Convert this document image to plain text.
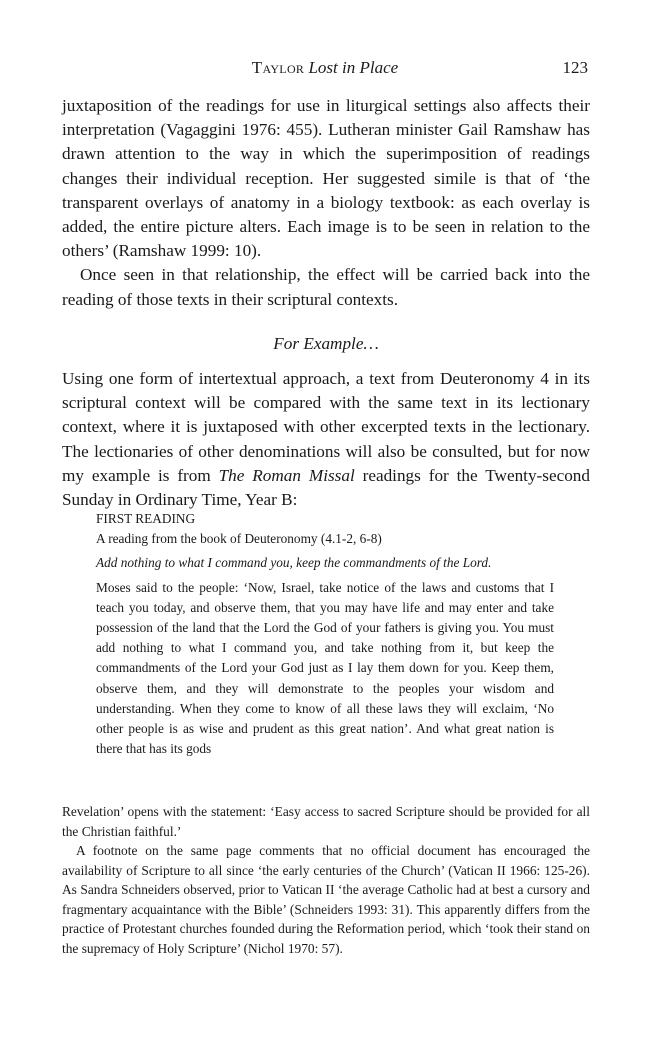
Taylor Lost in Place	123

juxtaposition of the readings for use in liturgical settings also affects their interpretation (Vagaggini 1976: 455). Lutheran minister Gail Ramshaw has drawn attention to the way in which the superimposition of readings changes their individual reception. Her suggested simile is that of ‘the transparent overlays of anatomy in a biology textbook: as each overlay is added, the entire picture alters. Each image is to be seen in relation to the others’ (Ramshaw 1999: 10).

Once seen in that relationship, the effect will be carried back into the reading of those texts in their scriptural contexts.

For Example…

Using one form of intertextual approach, a text from Deuteronomy 4 in its scriptural context will be compared with the same text in its lectionary context, where it is juxtaposed with other excerpted texts in the lectionary. The lectionaries of other denominations will also be consulted, but for now my example is from The Roman Missal readings for the Twenty-second Sunday in Ordinary Time, Year B:

FIRST READING

A reading from the book of Deuteronomy (4.1-2, 6-8)

Add nothing to what I command you, keep the commandments of the Lord.

Moses said to the people: ‘Now, Israel, take notice of the laws and customs that I teach you today, and observe them, that you may have life and may enter and take possession of the land that the Lord the God of your fathers is giving you. You must add nothing to what I command you, and take nothing from it, but keep the commandments of the Lord your God just as I lay them down for you. Keep them, observe them, and they will demonstrate to the peoples your wisdom and understanding. When they come to know of all these laws they will exclaim, ‘No other people is as wise and prudent as this great nation’. And what great nation is there that has its gods

Revelation’ opens with the statement: ‘Easy access to sacred Scripture should be provided for all the Christian faithful.’

A footnote on the same page comments that no official document has encouraged the availability of Scripture to all since ‘the early centuries of the Church’ (Vatican II 1966: 125-26). As Sandra Schneiders observed, prior to Vatican II ‘the average Catholic had at best a cursory and fragmentary acquaintance with the Bible’ (Schneiders 1993: 31). This apparently differs from the practice of Protestant churches founded during the Reformation period, which ‘took their stand on the supremacy of Holy Scripture’ (Nichol 1970: 57).
